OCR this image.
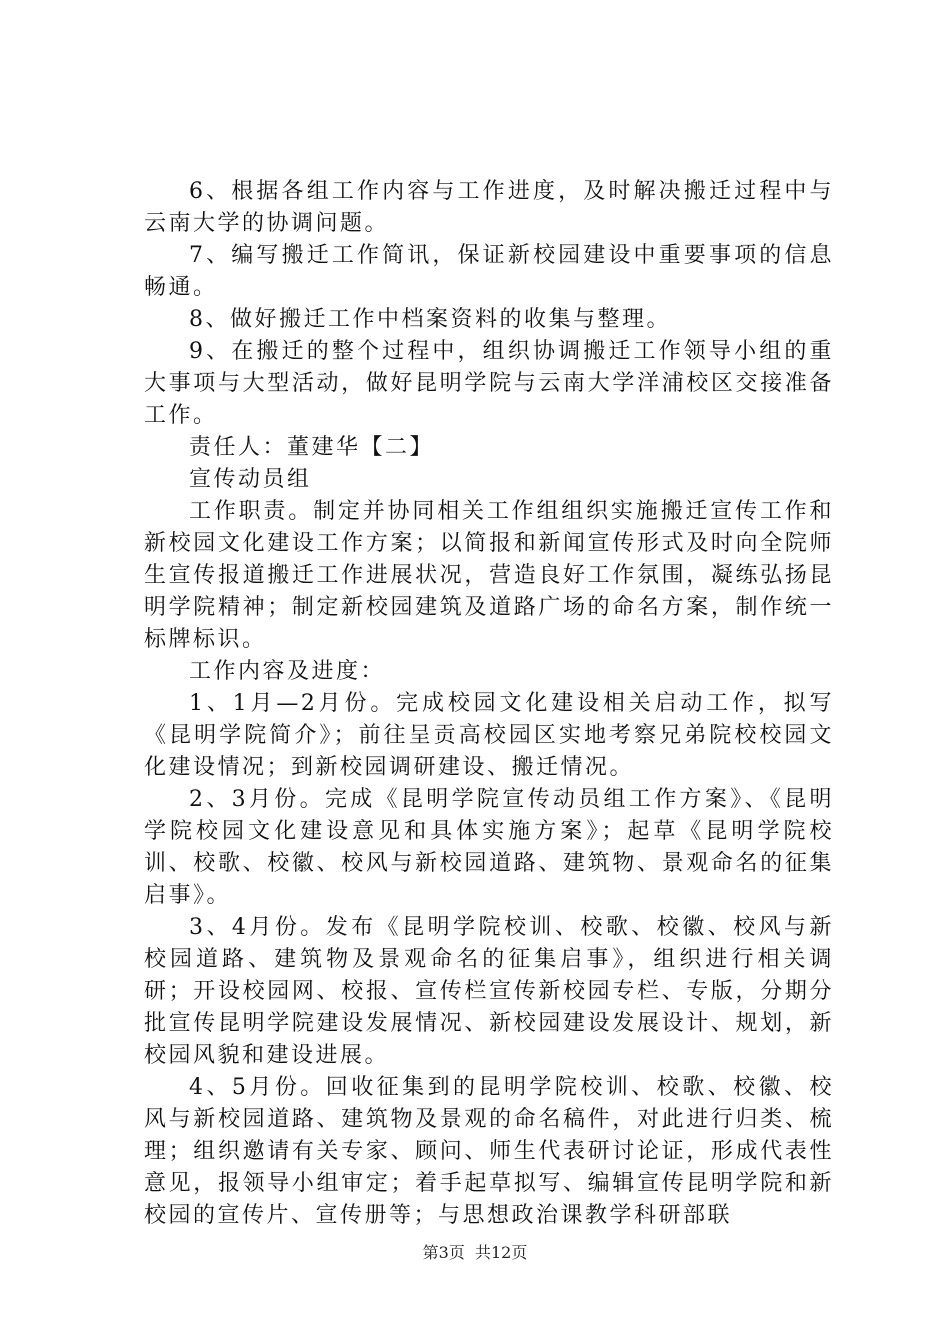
6、根据各组工作内容与工作进度，及时解决搬迁过程中与云南大学的协调问题。

7、编写搬迁工作简讯，保证新校园建设中重要事项的信息畅通。

8、做好搬迁工作中档案资料的收集与整理。

9、在搬迁的整个过程中，组织协调搬迁工作领导小组的重大事项与大型活动，做好昆明学院与云南大学洋浦校区交接准备工作。

责任人：董建华【二】

宣传动员组

工作职责。制定并协同相关工作组组织实施搬迁宣传工作和新校园文化建设工作方案；以简报和新闻宣传形式及时向全院师生宣传报道搬迁工作进展状况，营造良好工作氛围，凝练弘扬昆明学院精神；制定新校园建筑及道路广场的命名方案，制作统一标牌标识。

工作内容及进度：

1、1月—2月份。完成校园文化建设相关启动工作，拟写《昆明学院简介》；前往呈贡高校园区实地考察兄弟院校校园文化建设情况；到新校园调研建设、搬迁情况。

2、3月份。完成《昆明学院宣传动员组工作方案》、《昆明学院校园文化建设意见和具体实施方案》；起草《昆明学院校训、校歌、校徽、校风与新校园道路、建筑物、景观命名的征集启事》。

3、4月份。发布《昆明学院校训、校歌、校徽、校风与新校园道路、建筑物及景观命名的征集启事》，组织进行相关调研；开设校园网、校报、宣传栏宣传新校园专栏、专版，分期分批宣传昆明学院建设发展情况、新校园建设发展设计、规划，新校园风貌和建设进展。

4、5月份。回收征集到的昆明学院校训、校歌、校徽、校风与新校园道路、建筑物及景观的命名稿件，对此进行归类、梳理；组织邀请有关专家、顾问、师生代表研讨论证，形成代表性意见，报领导小组审定；着手起草拟写、编辑宣传昆明学院和新校园的宣传片、宣传册等；与思想政治课教学科研部联

第3页  共12页
